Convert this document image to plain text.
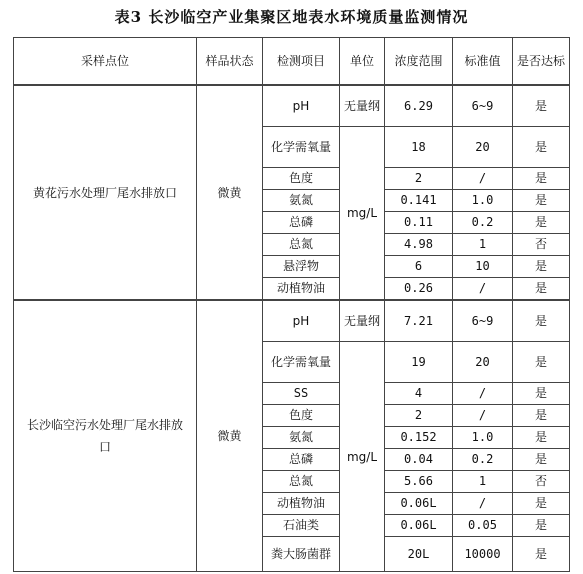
表3 长沙临空产业集聚区地表水环境质量监测情况
采样点位	样品状态	检测项目	单位	浓度范围	标准值	是否达标
黄花污水处理厂尾水排放口	微黄	pH	无量纲	6.29	6~9	是
		化学需氧量	mg/L	18	20	是
		色度		2	/	是
		氨氮		0.141	1.0	是
		总磷		0.11	0.2	是
		总氮		4.98	1	否
		悬浮物		6	10	是
		动植物油		0.26	/	是
长沙临空污水处理厂尾水排放口	微黄	pH	无量纲	7.21	6~9	是
		化学需氧量	mg/L	19	20	是
		SS		4	/	是
		色度		2	/	是
		氨氮		0.152	1.0	是
		总磷		0.04	0.2	是
		总氮		5.66	1	否
		动植物油		0.06L	/	是
		石油类		0.06L	0.05	是
		粪大肠菌群		20L	10000	是
